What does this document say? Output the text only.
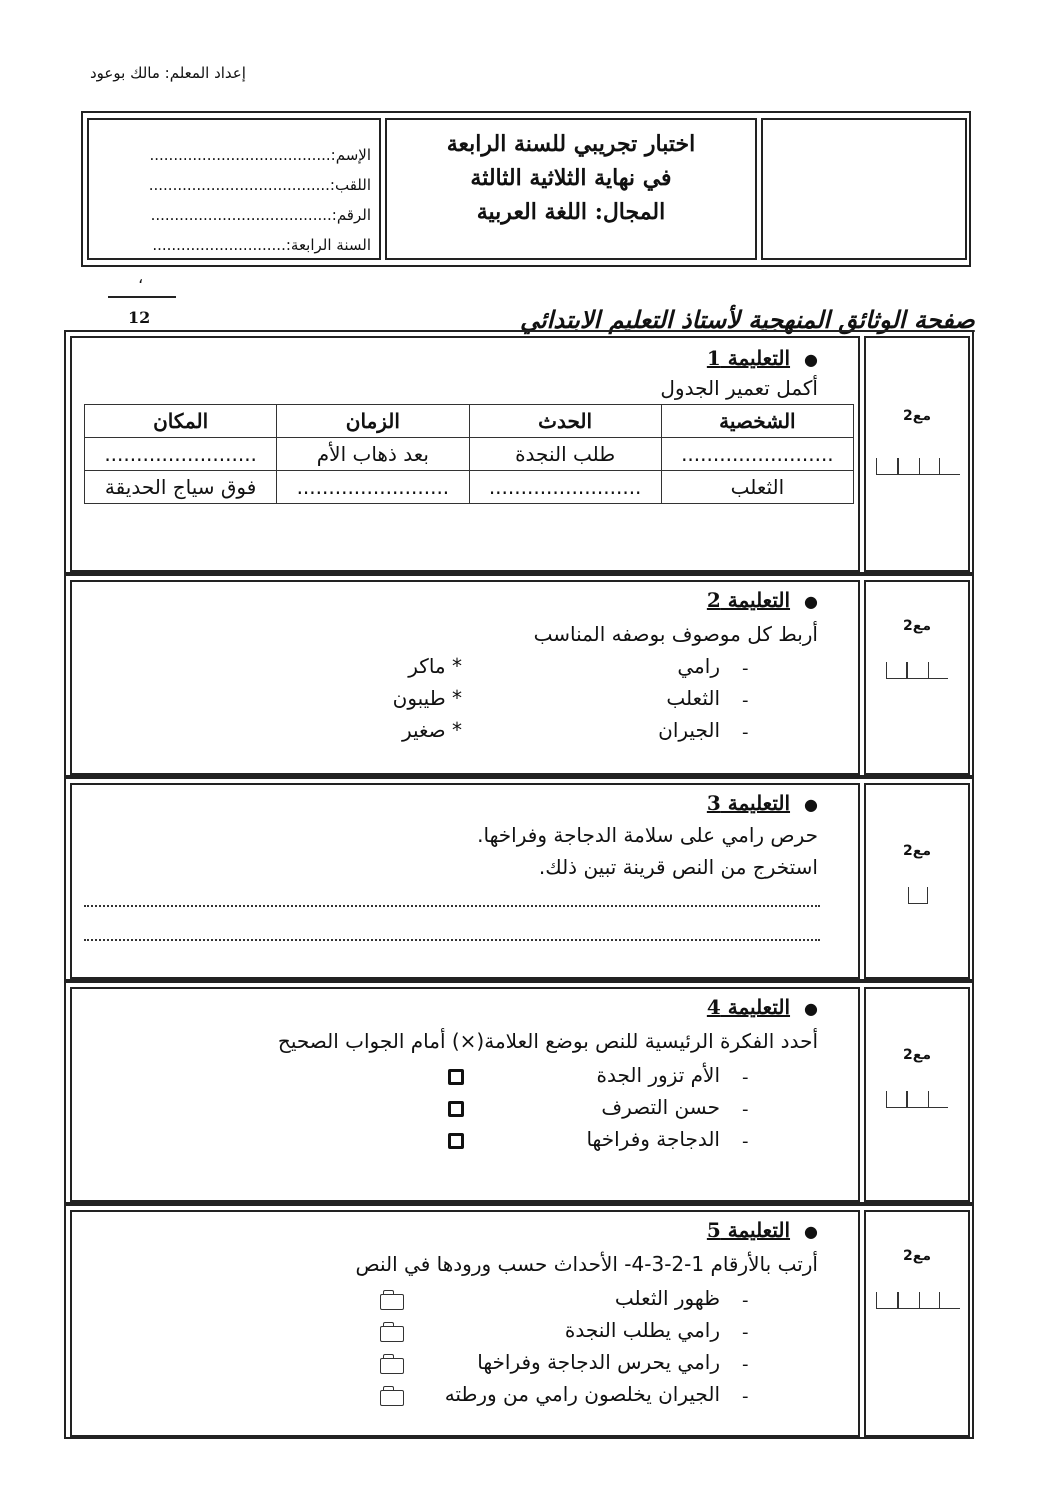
إعداد المعلم: مالك بوعود
اختبار تجريبي للسنة الرابعة
في نهاية الثلاثية الثالثة
المجال: اللغة العربية
الإسم:......................................
اللقب:......................................
الرقم:......................................
السنة الرابعة:............................
،
12	صفحة الوثائق المنهجية لأستاذ التعليم الابتدائي
●التعليمة 1
أكمل تعمير الجدول
الشخصية	الحدث	الزمان	المكان
........................	طلب النجدة	بعد ذهاب الأم	........................
الثعلب	........................	........................	فوق سياج الحديقة
مع2
●التعليمة 2
أربط كل موصوف بوصفه المناسب
-
رامي
-
الثعلب
-
الجيران
* ماكر
* طيبون
* صغير
مع2
●التعليمة 3
حرص رامي على سلامة الدجاجة وفراخها.
استخرج من النص قرينة تبين ذلك.
مع2
●التعليمة 4
أحدد الفكرة الرئيسية للنص بوضع العلامة(×) أمام الجواب الصحيح
-
الأم تزور الجدة
-
حسن التصرف
-
الدجاجة وفراخها
مع2
●التعليمة 5
أرتب بالأرقام 1-2-3-4- الأحداث حسب ورودها في النص
-
ظهور الثعلب
-
رامي يطلب النجدة
-
رامي يحرس الدجاجة وفراخها
-
الجيران يخلصون رامي من ورطته
مع2
